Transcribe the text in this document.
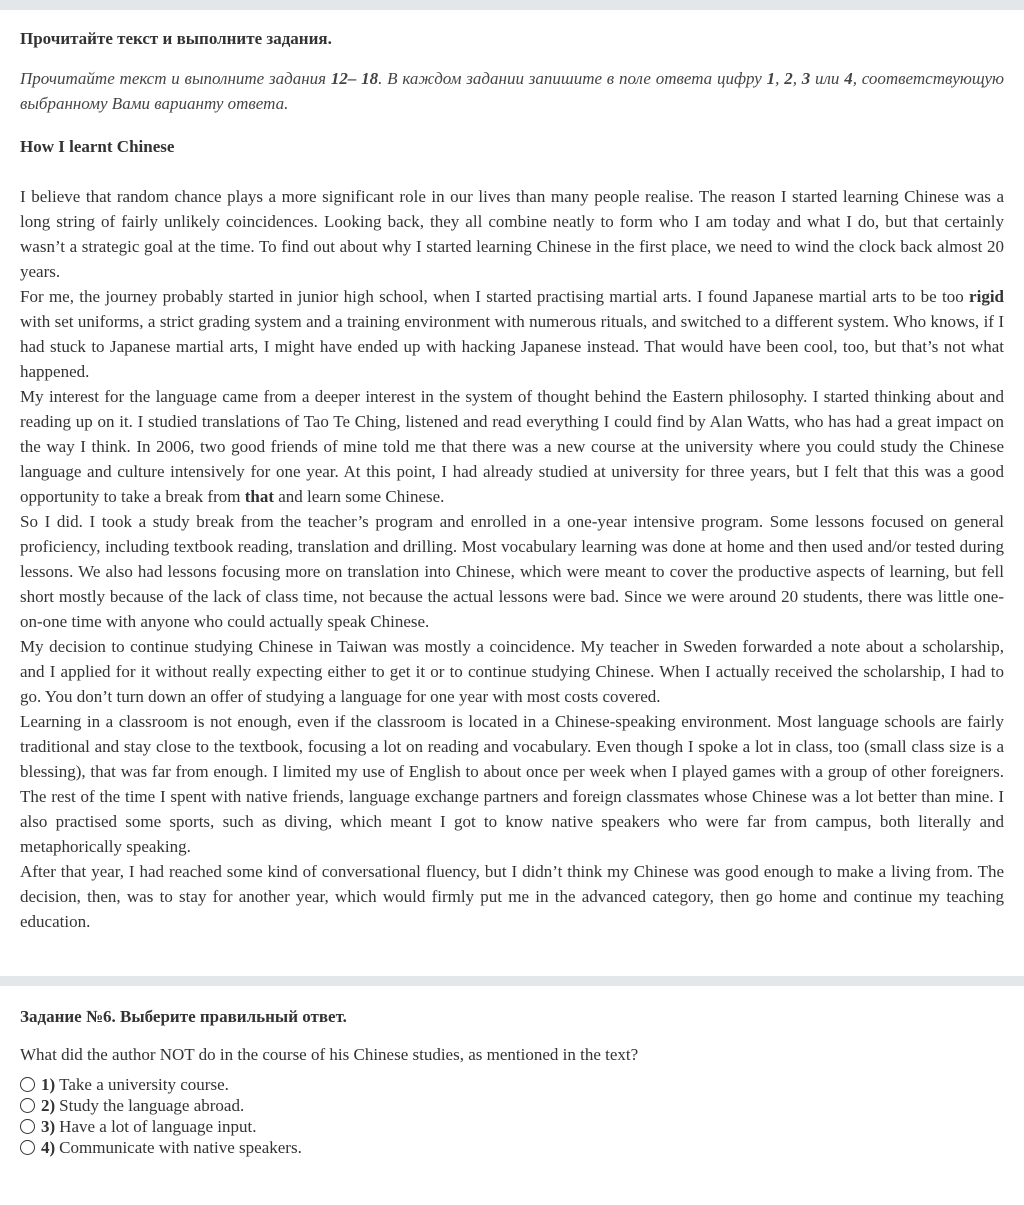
Прочитайте текст и выполните задания.

Прочитайте текст и выполните задания 12– 18. В каждом задании запишите в поле ответа цифру 1, 2, 3 или 4, соответствующую выбранному Вами варианту ответа.

How I learnt Chinese

I believe that random chance plays a more significant role in our lives than many people realise. The reason I started learning Chinese was a long string of fairly unlikely coincidences. Looking back, they all combine neatly to form who I am today and what I do, but that certainly wasn’t a strategic goal at the time. To find out about why I started learning Chinese in the first place, we need to wind the clock back almost 20 years.

For me, the journey probably started in junior high school, when I started practising martial arts. I found Japanese martial arts to be too rigid with set uniforms, a strict grading system and a training environment with numerous rituals, and switched to a different system. Who knows, if I had stuck to Japanese martial arts, I might have ended up with hacking Japanese instead. That would have been cool, too, but that’s not what happened.

My interest for the language came from a deeper interest in the system of thought behind the Eastern philosophy. I started thinking about and reading up on it. I studied translations of Tao Te Ching, listened and read everything I could find by Alan Watts, who has had a great impact on the way I think. In 2006, two good friends of mine told me that there was a new course at the university where you could study the Chinese language and culture intensively for one year. At this point, I had already studied at university for three years, but I felt that this was a good opportunity to take a break from that and learn some Chinese.

So I did. I took a study break from the teacher’s program and enrolled in a one-year intensive program. Some lessons focused on general proficiency, including textbook reading, translation and drilling. Most vocabulary learning was done at home and then used and/or tested during lessons. We also had lessons focusing more on translation into Chinese, which were meant to cover the productive aspects of learning, but fell short mostly because of the lack of class time, not because the actual lessons were bad. Since we were around 20 students, there was little one-on-one time with anyone who could actually speak Chinese.

My decision to continue studying Chinese in Taiwan was mostly a coincidence. My teacher in Sweden forwarded a note about a scholarship, and I applied for it without really expecting either to get it or to continue studying Chinese. When I actually received the scholarship, I had to go. You don’t turn down an offer of studying a language for one year with most costs covered.

Learning in a classroom is not enough, even if the classroom is located in a Chinese-speaking environment. Most language schools are fairly traditional and stay close to the textbook, focusing a lot on reading and vocabulary. Even though I spoke a lot in class, too (small class size is a blessing), that was far from enough. I limited my use of English to about once per week when I played games with a group of other foreigners. The rest of the time I spent with native friends, language exchange partners and foreign classmates whose Chinese was a lot better than mine. I also practised some sports, such as diving, which meant I got to know native speakers who were far from campus, both literally and metaphorically speaking.

After that year, I had reached some kind of conversational fluency, but I didn’t think my Chinese was good enough to make a living from. The decision, then, was to stay for another year, which would firmly put me in the advanced category, then go home and continue my teaching education.

Задание №6. Выберите правильный ответ.

What did the author NOT do in the course of his Chinese studies, as mentioned in the text?
1) Take a university course.
2) Study the language abroad.
3) Have a lot of language input.
4) Communicate with native speakers.
